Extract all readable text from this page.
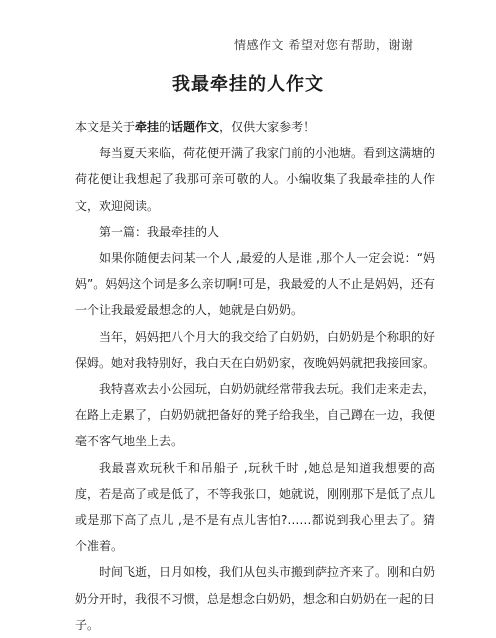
情感作文 希望对您有帮助，谢谢
我最牵挂的人作文

本文是关于牵挂的话题作文，仅供大家参考！

每当夏天来临，荷花便开满了我家门前的小池塘。看到这满塘的荷花便让我想起了我那可亲可敬的人。小编收集了我最牵挂的人作文，欢迎阅读。

第一篇：我最牵挂的人

如果你随便去问某一个人 ,最爱的人是谁 ,那个人一定会说：“妈妈”。妈妈这个词是多么亲切啊!可是，我最爱的人不止是妈妈，还有一个让我最爱最想念的人，她就是白奶奶。

当年，妈妈把八个月大的我交给了白奶奶，白奶奶是个称职的好保姆。她对我特别好，我白天在白奶奶家，夜晚妈妈就把我接回家。

我特喜欢去小公园玩，白奶奶就经常带我去玩。我们走来走去，在路上走累了，白奶奶就把备好的凳子给我坐，自己蹲在一边，我便毫不客气地坐上去。

我最喜欢玩秋千和吊船子 ,玩秋千时 ,她总是知道我想要的高度，若是高了或是低了，不等我张口，她就说，刚刚那下是低了点儿或是那下高了点儿 ,是不是有点儿害怕?……都说到我心里去了。猜个准着。

时间飞逝，日月如梭，我们从包头市搬到萨拉齐来了。刚和白奶奶分开时，我很不习惯，总是想念白奶奶，想念和白奶奶在一起的日子。
